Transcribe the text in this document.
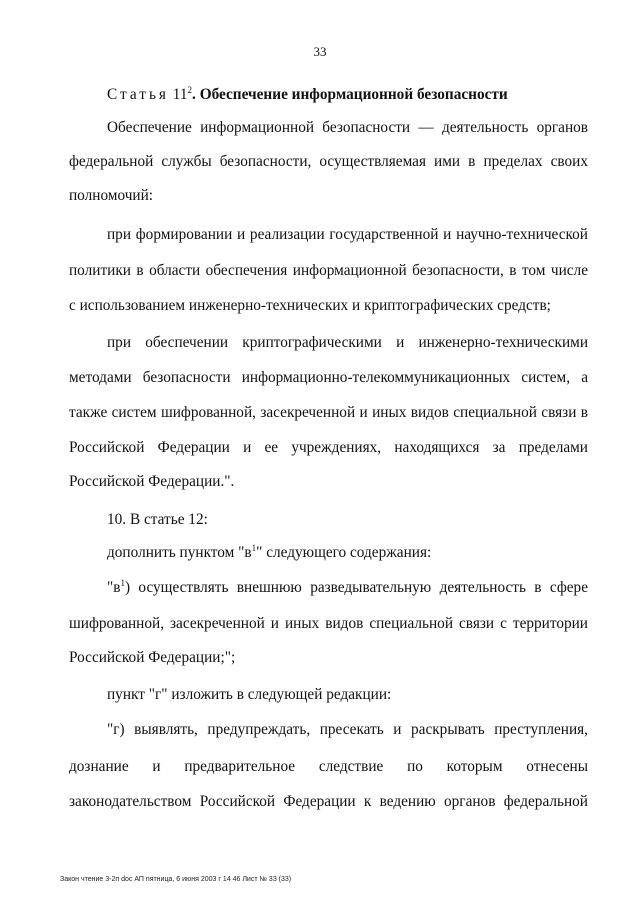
33
Статья $11^2$. Обеспечение информационной безопасности
Обеспечение информационной безопасности — деятельность органов
федеральной службы безопасности, осуществляемая ими в пределах своих
полномочий:
при формировании и реализации государственной и научно-технической
политики в области обеспечения информационной безопасности, в том числе
с использованием инженерно-технических и криптографических средств;
при обеспечении криптографическими и инженерно-техническими
методами безопасности информационно-телекоммуникационных систем, а
также систем шифрованной, засекреченной и иных видов специальной связи в
Российской Федерации и ее учреждениях, находящихся за пределами
Российской Федерации.".
10. В статье 12:
дополнить пунктом "$в^1$" следующего содержания:
"$в^1$) осуществлять внешнюю разведывательную деятельность в сфере
шифрованной, засекреченной и иных видов специальной связи с территории
Российской Федерации;";
пункт "г" изложить в следующей редакции:
"г) выявлять, предупреждать, пресекать и раскрывать преступления,
дознание и предварительное следствие по которым отнесены
законодательством Российской Федерации к ведению органов федеральной
Закон чтение 3-2п doc АП пятница, 6 июня 2003 г 14 46 Лист № 33 (33)
